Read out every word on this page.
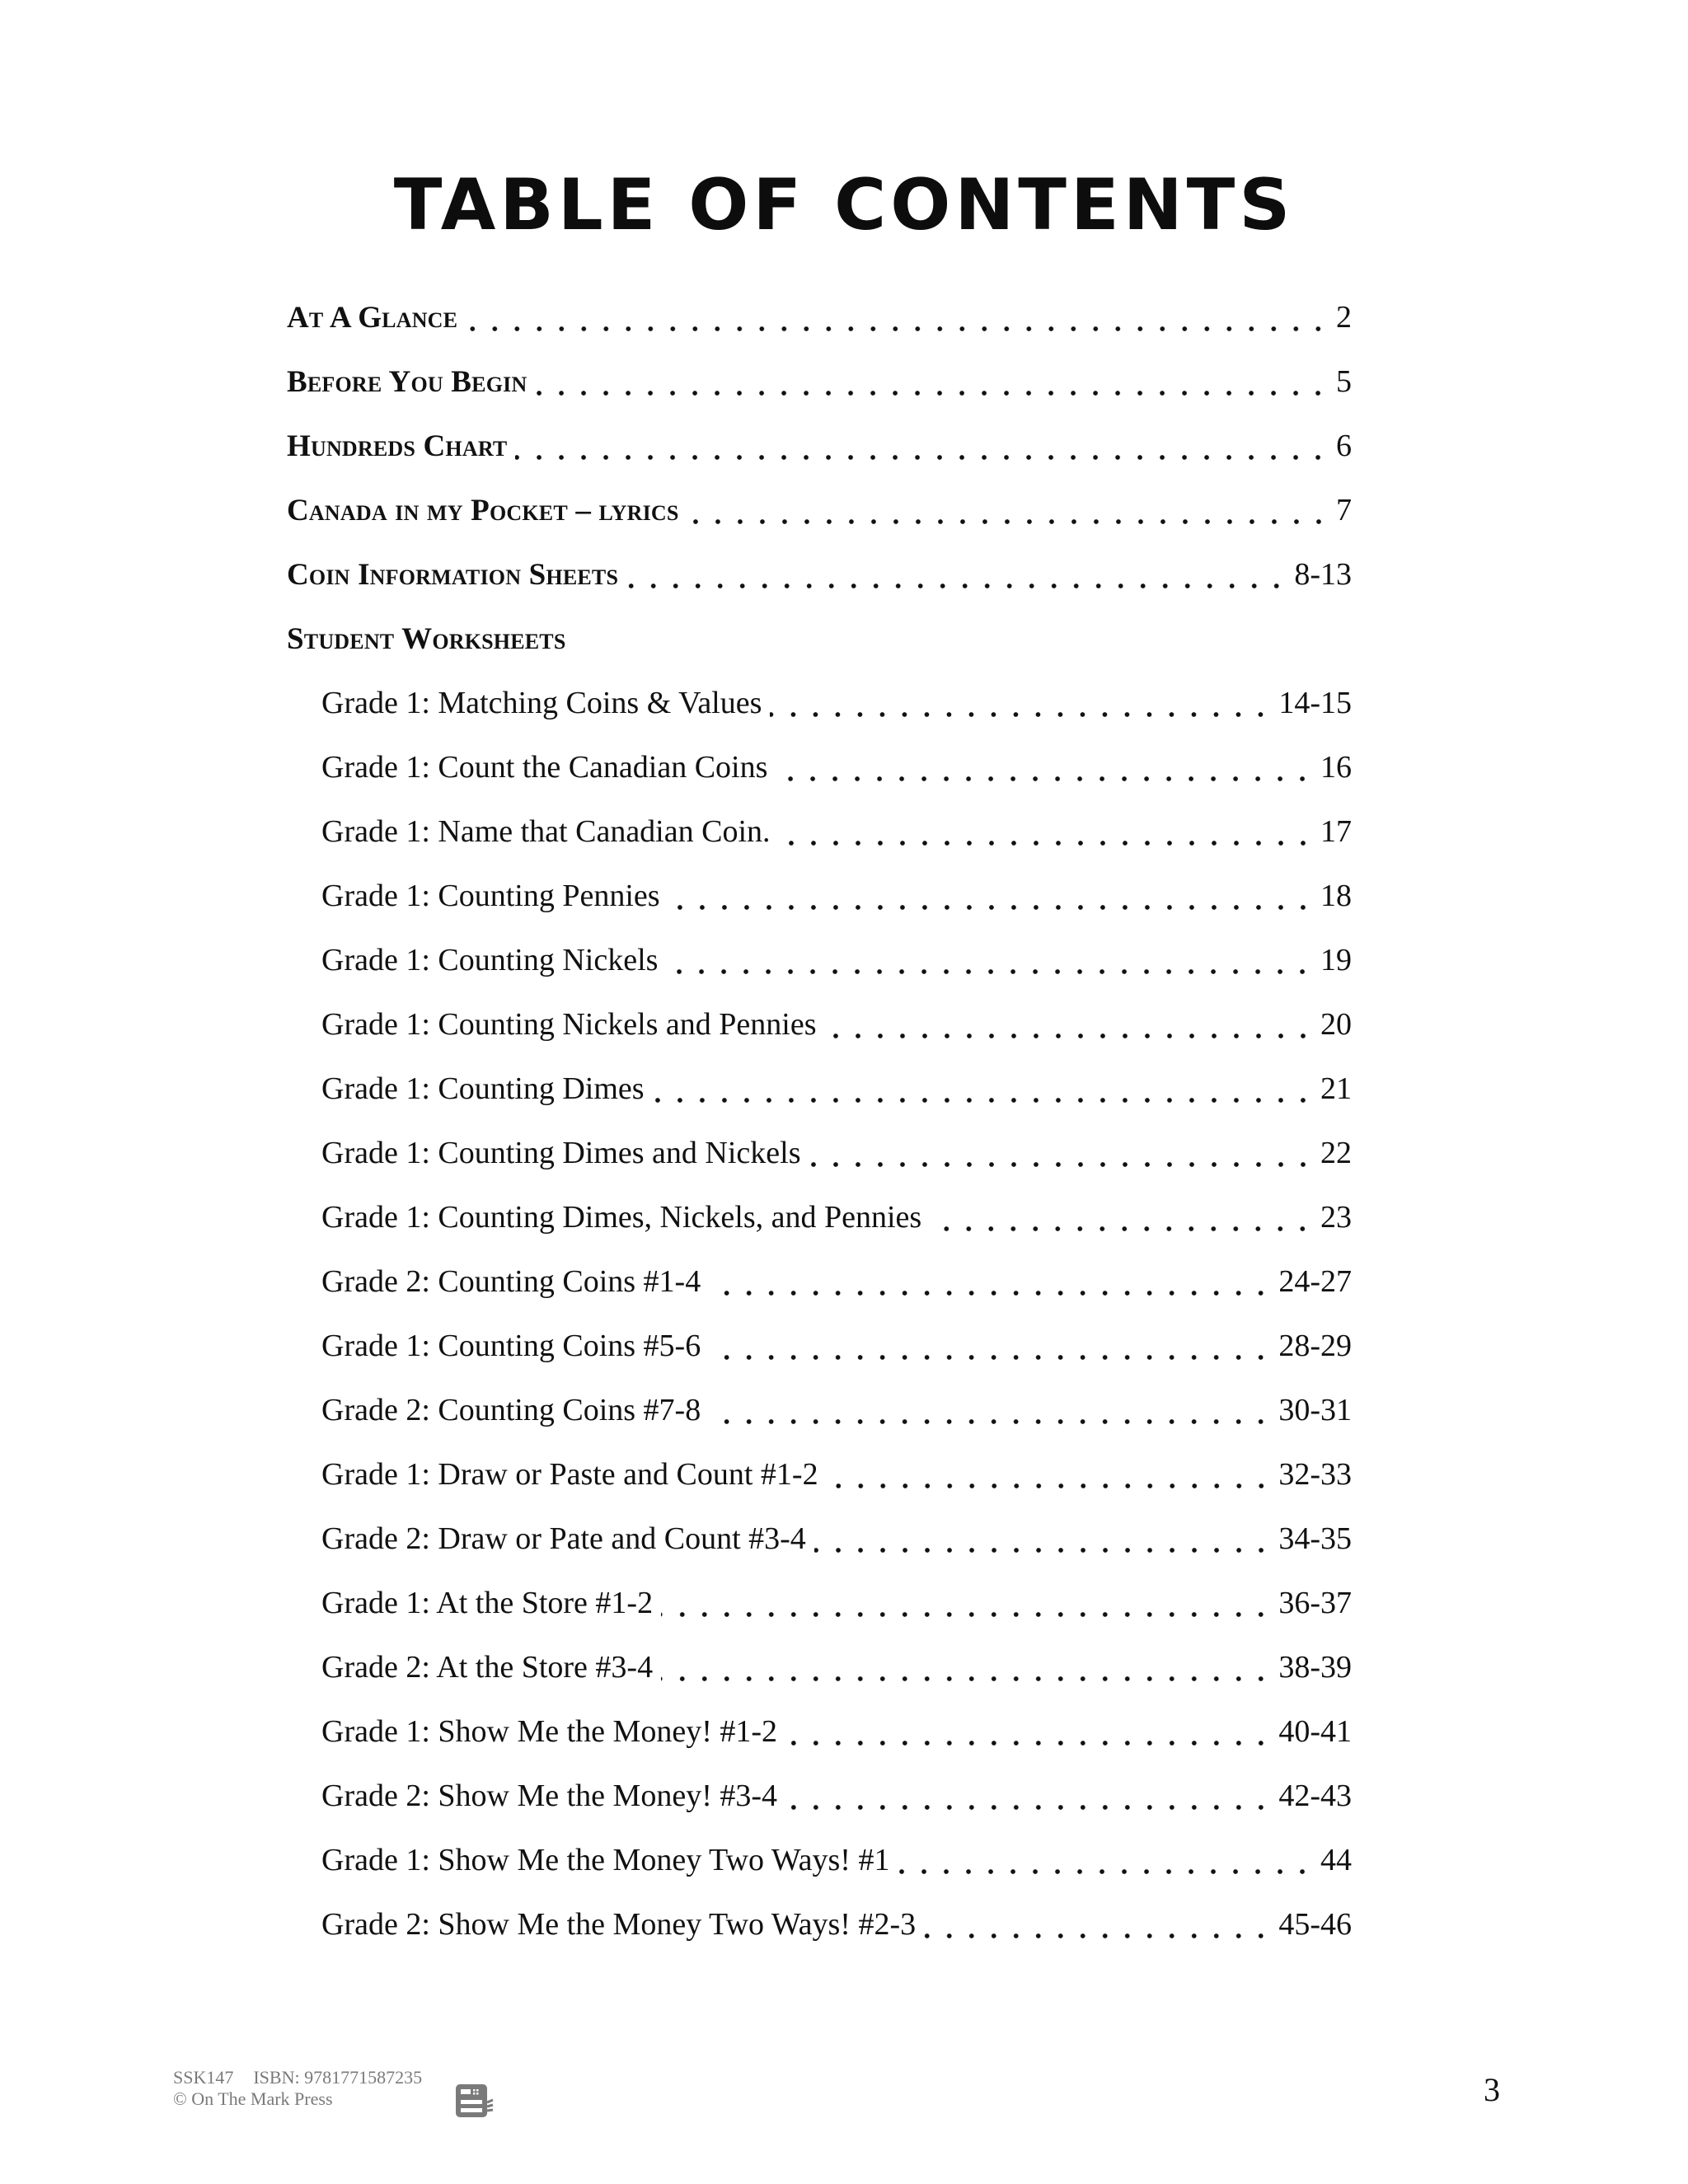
TABLE OF CONTENTS
At A Glance	2
Before You Begin	5
Hundreds Chart	6
Canada in my Pocket – lyrics	7
Coin Information Sheets	8-13
Student Worksheets
Grade 1: Matching Coins & Values	14-15
Grade 1: Count the Canadian Coins	16
Grade 1: Name that Canadian Coin.	17
Grade 1: Counting Pennies	18
Grade 1: Counting Nickels	19
Grade 1: Counting Nickels and Pennies	20
Grade 1: Counting Dimes	21
Grade 1: Counting Dimes and Nickels	22
Grade 1: Counting Dimes, Nickels, and Pennies	23
Grade 2: Counting Coins #1-4	24-27
Grade 1: Counting Coins #5-6	28-29
Grade 2: Counting Coins #7-8	30-31
Grade 1: Draw or Paste and Count #1-2	32-33
Grade 2: Draw or Pate and Count #3-4	34-35
Grade 1: At the Store #1-2	36-37
Grade 2: At the Store #3-4	38-39
Grade 1: Show Me the Money! #1-2	40-41
Grade 2: Show Me the Money! #3-4	42-43
Grade 1: Show Me the Money Two Ways! #1	44
Grade 2: Show Me the Money Two Ways! #2-3	45-46
SSK147 ISBN: 9781771587235
© On The Mark Press	3
